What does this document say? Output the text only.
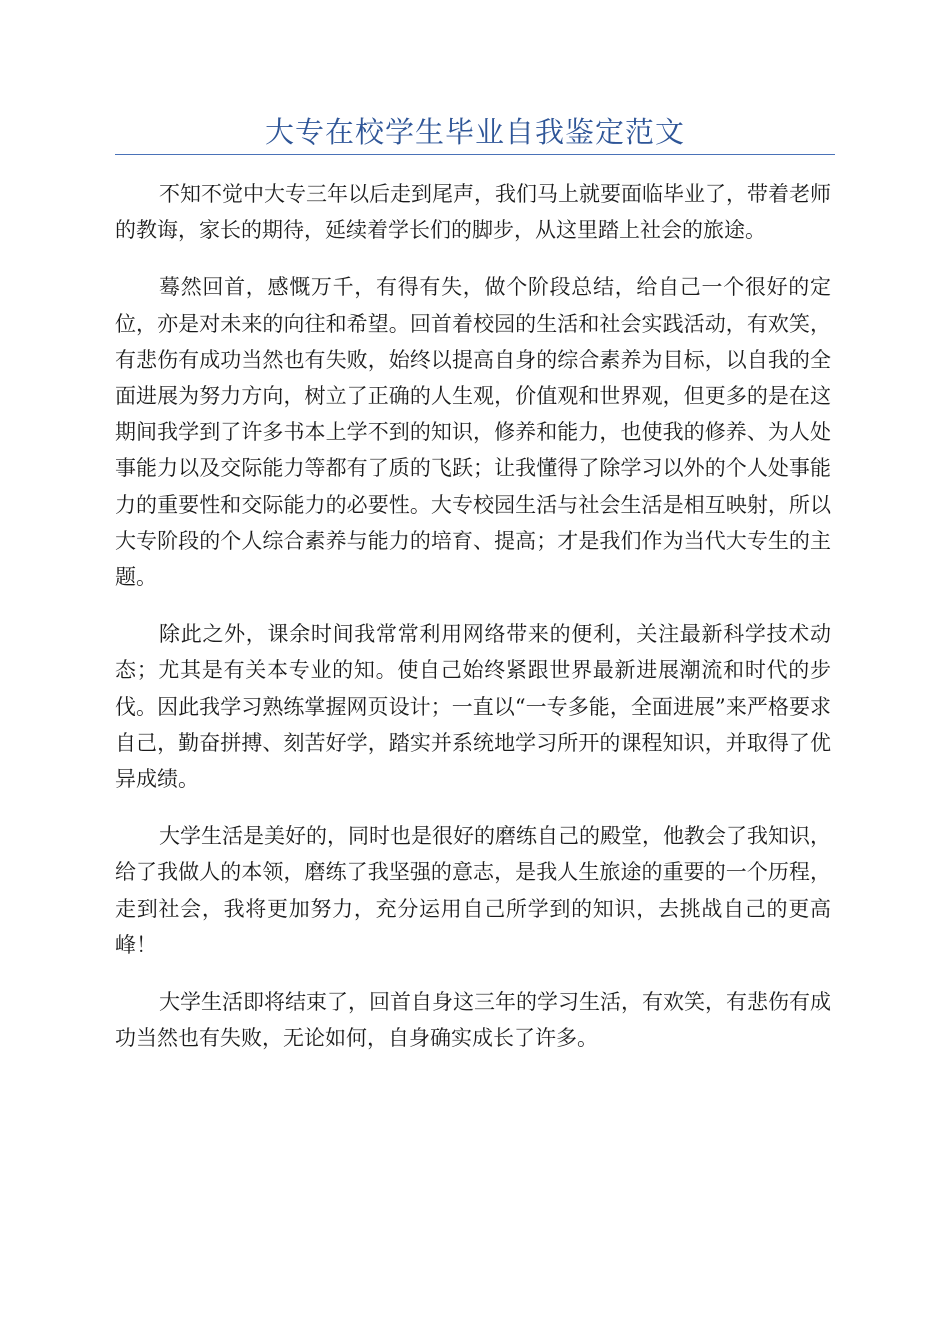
大专在校学生毕业自我鉴定范文

不知不觉中大专三年以后走到尾声，我们马上就要面临毕业了，带着老师的教诲，家长的期待，延续着学长们的脚步，从这里踏上社会的旅途。

蓦然回首，感慨万千，有得有失，做个阶段总结，给自己一个很好的定位，亦是对未来的向往和希望。回首着校园的生活和社会实践活动，有欢笑，有悲伤有成功当然也有失败，始终以提高自身的综合素养为目标，以自我的全面进展为努力方向，树立了正确的人生观，价值观和世界观，但更多的是在这期间我学到了许多书本上学不到的知识，修养和能力，也使我的修养、为人处事能力以及交际能力等都有了质的飞跃；让我懂得了除学习以外的个人处事能力的重要性和交际能力的必要性。大专校园生活与社会生活是相互映射，所以大专阶段的个人综合素养与能力的培育、提高；才是我们作为当代大专生的主题。

除此之外，课余时间我常常利用网络带来的便利，关注最新科学技术动态；尤其是有关本专业的知。使自己始终紧跟世界最新进展潮流和时代的步伐。因此我学习熟练掌握网页设计；一直以“一专多能，全面进展”来严格要求自己，勤奋拼搏、刻苦好学，踏实并系统地学习所开的课程知识，并取得了优异成绩。

大学生活是美好的，同时也是很好的磨练自己的殿堂，他教会了我知识，给了我做人的本领，磨练了我坚强的意志，是我人生旅途的重要的一个历程，走到社会，我将更加努力，充分运用自己所学到的知识，去挑战自己的更高峰！

大学生活即将结束了，回首自身这三年的学习生活，有欢笑，有悲伤有成功当然也有失败，无论如何，自身确实成长了许多。
